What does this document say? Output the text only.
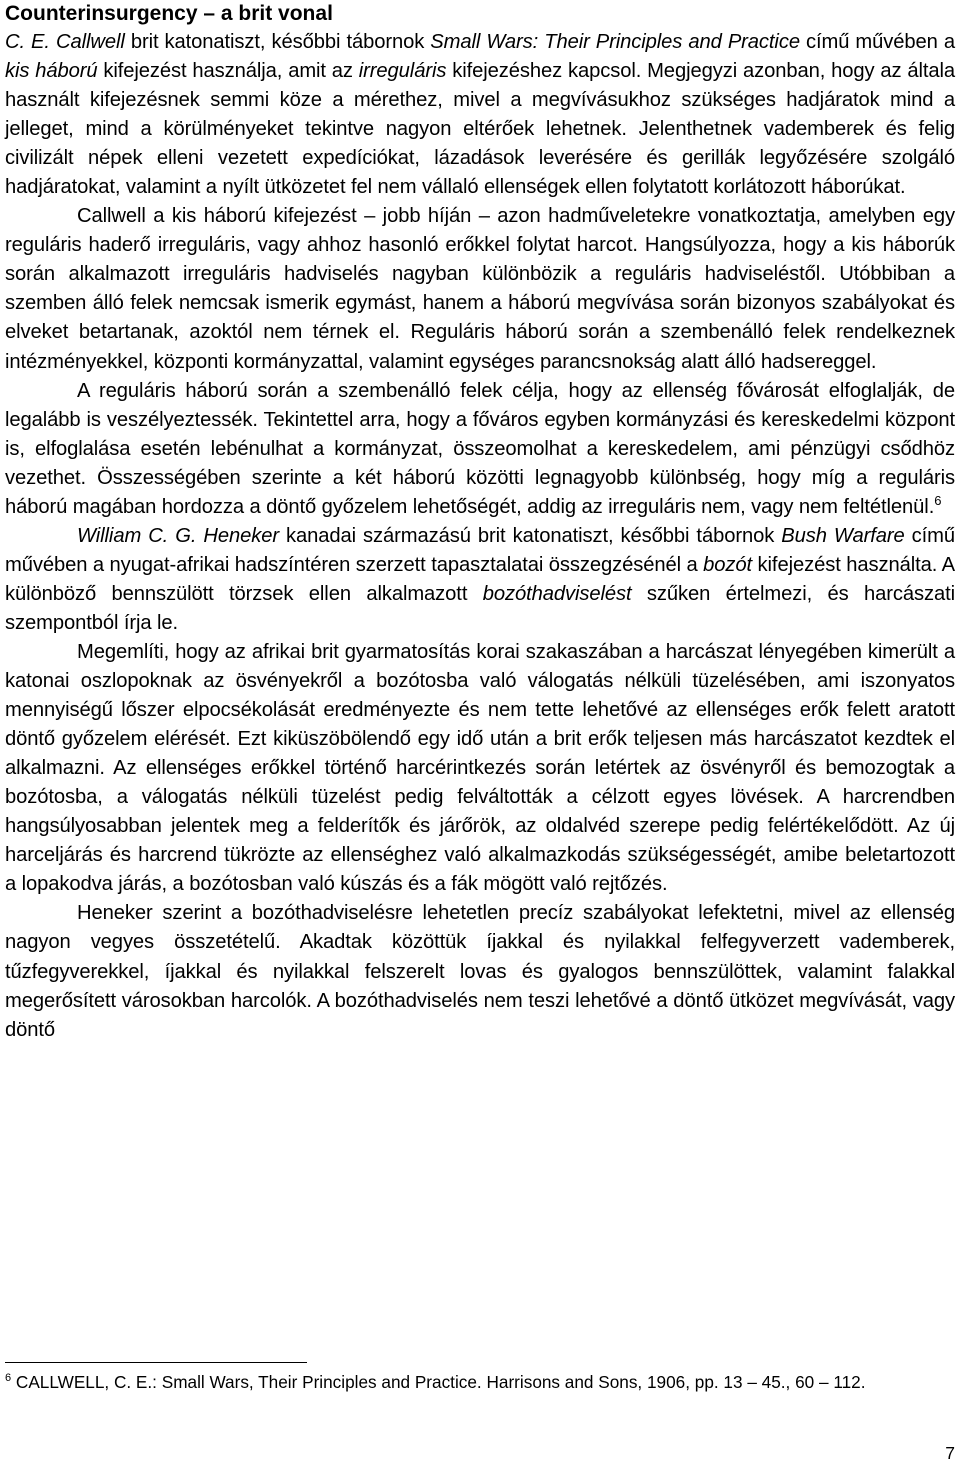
Counterinsurgency – a brit vonal

C. E. Callwell brit katonatiszt, későbbi tábornok Small Wars: Their Principles and Practice című művében a kis háború kifejezést használja, amit az irreguláris kifejezéshez kapcsol. Megjegyzi azonban, hogy az általa használt kifejezésnek semmi köze a mérethez, mivel a megvívásukhoz szükséges hadjáratok mind a jelleget, mind a körülményeket tekintve nagyon eltérőek lehetnek. Jelenthetnek vademberek és felig civilizált népek elleni vezetett expedíciókat, lázadások leverésére és gerillák legyőzésére szolgáló hadjáratokat, valamint a nyílt ütközetet fel nem vállaló ellenségek ellen folytatott korlátozott háborúkat.

Callwell a kis háború kifejezést – jobb híján – azon hadműveletekre vonatkoztatja, amelyben egy reguláris haderő irreguláris, vagy ahhoz hasonló erőkkel folytat harcot. Hangsúlyozza, hogy a kis háborúk során alkalmazott irreguláris hadviselés nagyban különbözik a reguláris hadviseléstől. Utóbbiban a szemben álló felek nemcsak ismerik egymást, hanem a háború megvívása során bizonyos szabályokat és elveket betartanak, azoktól nem térnek el. Reguláris háború során a szembenálló felek rendelkeznek intézményekkel, központi kormányzattal, valamint egységes parancsnokság alatt álló hadsereggel.

A reguláris háború során a szembenálló felek célja, hogy az ellenség fővárosát elfoglalják, de legalább is veszélyeztessék. Tekintettel arra, hogy a főváros egyben kormányzási és kereskedelmi központ is, elfoglalása esetén lebénulhat a kormányzat, összeomolhat a kereskedelem, ami pénzügyi csődhöz vezethet. Összességében szerinte a két háború közötti legnagyobb különbség, hogy míg a reguláris háború magában hordozza a döntő győzelem lehetőségét, addig az irreguláris nem, vagy nem feltétlenül.$^6$

William C. G. Heneker kanadai származású brit katonatiszt, későbbi tábornok Bush Warfare című művében a nyugat-afrikai hadszíntéren szerzett tapasztalatai összegzésénél a bozót kifejezést használta. A különböző bennszülött törzsek ellen alkalmazott bozóthadviselést szűken értelmezi, és harcászati szempontból írja le.

Megemlíti, hogy az afrikai brit gyarmatosítás korai szakaszában a harcászat lényegében kimerült a katonai oszlopoknak az ösvényekről a bozótosba való válogatás nélküli tüzelésében, ami iszonyatos mennyiségű lőszer elpocsékolását eredményezte és nem tette lehetővé az ellenséges erők felett aratott döntő győzelem elérését. Ezt kiküszöbölendő egy idő után a brit erők teljesen más harcászatot kezdtek el alkalmazni. Az ellenséges erőkkel történő harcérintkezés során letértek az ösvényről és bemozogtak a bozótosba, a válogatás nélküli tüzelést pedig felváltották a célzott egyes lövések. A harcrendben hangsúlyosabban jelentek meg a felderítők és járőrök, az oldalvéd szerepe pedig felértékelődött. Az új harceljárás és harcrend tükrözte az ellenséghez való alkalmazkodás szükségességét, amibe beletartozott a lopakodva járás, a bozótosban való kúszás és a fák mögött való rejtőzés.

Heneker szerint a bozóthadviselésre lehetetlen precíz szabályokat lefektetni, mivel az ellenség nagyon vegyes összetételű. Akadtak közöttük íjakkal és nyilakkal felfegyverzett vademberek, tűzfegyverekkel, íjakkal és nyilakkal felszerelt lovas és gyalogos bennszülöttek, valamint falakkal megerősített városokban harcolók. A bozóthadviselés nem teszi lehetővé a döntő ütközet megvívását, vagy döntő

$^6$ CALLWELL, C. E.: Small Wars, Their Principles and Practice. Harrisons and Sons, 1906, pp. 13 – 45., 60 – 112.

7
